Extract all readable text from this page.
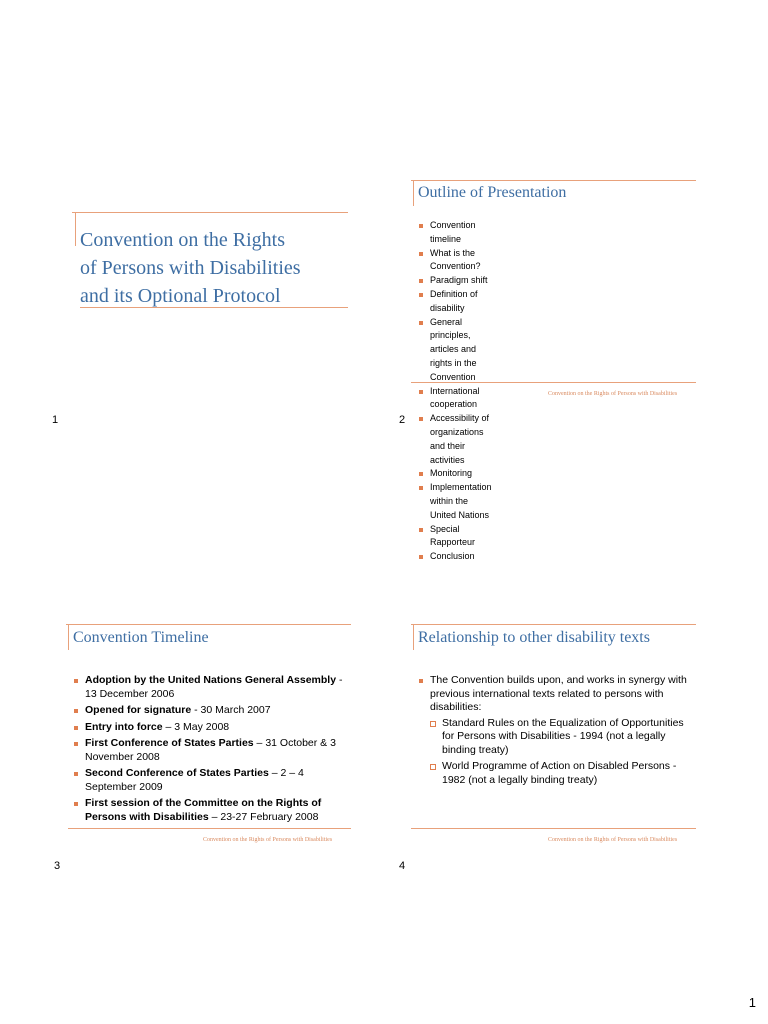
Convention on the Rights
of Persons with Disabilities
and its Optional Protocol
1
Outline of Presentation
Convention timeline
What is the Convention?
Paradigm shift
Definition of disability
General principles, articles and rights in the Convention
International cooperation
Accessibility of organizations and their activities
Monitoring
Implementation within the United Nations
Special Rapporteur
Conclusion
Convention on the Rights of Persons with Disabilities
2
Convention Timeline
Adoption by the United Nations General Assembly - 13 December 2006
Opened for signature - 30 March 2007
Entry into force – 3 May 2008
First Conference of States Parties – 31 October & 3 November 2008
Second Conference of States Parties – 2 – 4 September 2009
First session of the Committee on the Rights of Persons with Disabilities – 23-27 February 2008
Convention on the Rights of Persons with Disabilities
3
Relationship to other disability texts
The Convention builds upon, and works in synergy with previous international texts related to persons with disabilities:
Standard Rules on the Equalization of Opportunities for Persons with Disabilities - 1994 (not a legally binding treaty)
World Programme of Action on Disabled Persons - 1982 (not a legally binding treaty)
Convention on the Rights of Persons with Disabilities
4
1
